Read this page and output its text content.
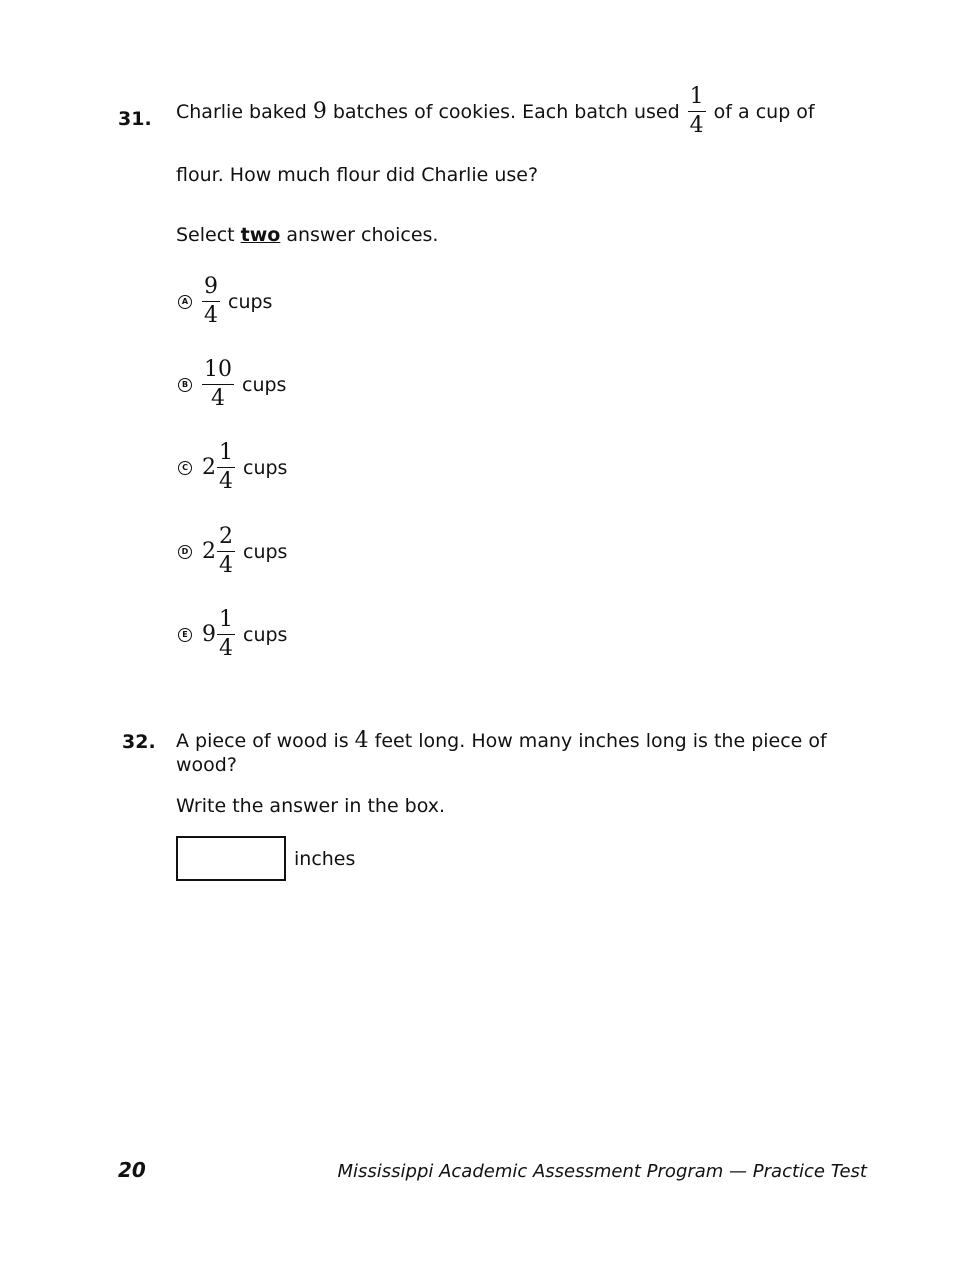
31. Charlie baked 9 batches of cookies. Each batch used $\frac{1}{4}$ of a cup of
flour. How much flour did Charlie use?
Select two answer choices.
A $\frac{9}{4}$ cups
B $\frac{10}{4}$ cups
C $2 \frac{1}{4}$ cups
D $2 \frac{2}{4}$ cups
E $9 \frac{1}{4}$ cups
32. A piece of wood is 4 feet long. How many inches long is the piece of
wood?
Write the answer in the box.
inches
20	Mississippi Academic Assessment Program — Practice Test
